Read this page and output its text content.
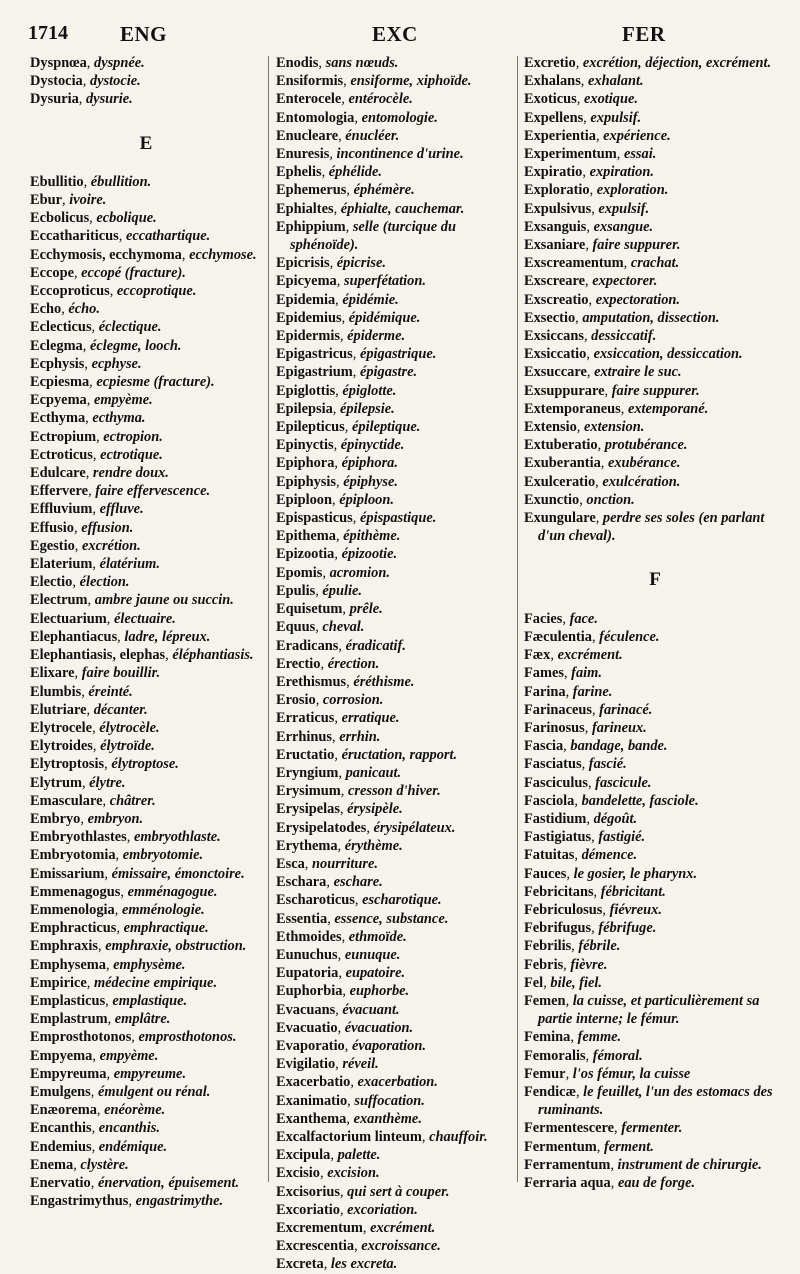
1714 ENG	EXC	FER

Dyspnœa, dyspnée.

Dystocia, dystocie.

Dysuria, dysurie.

E

Ebullitio, ébullition.

Ebur, ivoire.

Ecbolicus, ecbolique.

Eccathariticus, eccathartique.

Ecchymosis, ecchymoma, ecchymose.

Eccope, eccopé (fracture).

Eccoproticus, eccoprotique.

Echo, écho.

Eclecticus, éclectique.

Eclegma, éclegme, looch.

Ecphysis, ecphyse.

Ecpiesma, ecpiesme (fracture).

Ecpyema, empyème.

Ecthyma, ecthyma.

Ectropium, ectropion.

Ectroticus, ectrotique.

Edulcare, rendre doux.

Effervere, faire effervescence.

Effluvium, effluve.

Effusio, effusion.

Egestio, excrétion.

Elaterium, élatérium.

Electio, élection.

Electrum, ambre jaune ou succin.

Electuarium, électuaire.

Elephantiacus, ladre, lépreux.

Elephantiasis, elephas, éléphantiasis.

Elixare, faire bouillir.

Elumbis, éreinté.

Elutriare, décanter.

Elytrocele, élytrocèle.

Elytroides, élytroïde.

Elytroptosis, élytroptose.

Elytrum, élytre.

Emasculare, châtrer.

Embryo, embryon.

Embryothlastes, embryothlaste.

Embryotomia, embryotomie.

Emissarium, émissaire, émonctoire.

Emmenagogus, emménagogue.

Emmenologia, emménologie.

Emphracticus, emphractique.

Emphraxis, emphraxie, obstruction.

Emphysema, emphysème.

Empirice, médecine empirique.

Emplasticus, emplastique.

Emplastrum, emplâtre.

Emprosthotonos, emprosthotonos.

Empyema, empyème.

Empyreuma, empyreume.

Emulgens, émulgent ou rénal.

Enæorema, enéorème.

Encanthis, encanthis.

Endemius, endémique.

Enema, clystère.

Enervatio, énervation, épuisement.

Engastrimythus, engastrimythe.

Enodis, sans nœuds.

Ensiformis, ensiforme, xiphoïde.

Enterocele, entérocèle.

Entomologia, entomologie.

Enucleare, énucléer.

Enuresis, incontinence d'urine.

Ephelis, éphélide.

Ephemerus, éphémère.

Ephialtes, éphialte, cauchemar.

Ephippium, selle (turcique du sphénoïde).

Epicrisis, épicrise.

Epicyema, superfétation.

Epidemia, épidémie.

Epidemius, épidémique.

Epidermis, épiderme.

Epigastricus, épigastrique.

Epigastrium, épigastre.

Epiglottis, épiglotte.

Epilepsia, épilepsie.

Epilepticus, épileptique.

Epinyctis, épinyctide.

Epiphora, épiphora.

Epiphysis, épiphyse.

Epiploon, épiploon.

Epispasticus, épispastique.

Epithema, épithème.

Epizootia, épizootie.

Epomis, acromion.

Epulis, épulie.

Equisetum, prêle.

Equus, cheval.

Eradicans, éradicatif.

Erectio, érection.

Erethismus, éréthisme.

Erosio, corrosion.

Erraticus, erratique.

Errhinus, errhin.

Eructatio, éructation, rapport.

Eryngium, panicaut.

Erysimum, cresson d'hiver.

Erysipelas, érysipèle.

Erysipelatodes, érysipélateux.

Erythema, érythème.

Esca, nourriture.

Eschara, eschare.

Escharoticus, escharotique.

Essentia, essence, substance.

Ethmoides, ethmoïde.

Eunuchus, eunuque.

Eupatoria, eupatoire.

Euphorbia, euphorbe.

Evacuans, évacuant.

Evacuatio, évacuation.

Evaporatio, évaporation.

Evigilatio, réveil.

Exacerbatio, exacerbation.

Exanimatio, suffocation.

Exanthema, exanthème.

Excalfactorium linteum, chauffoir.

Excipula, palette.

Excisio, excision.

Excisorius, qui sert à couper.

Excoriatio, excoriation.

Excrementum, excrément.

Excrescentia, excroissance.

Excreta, les excreta.

Excretio, excrétion, déjection, excrément.

Exhalans, exhalant.

Exoticus, exotique.

Expellens, expulsif.

Experientia, expérience.

Experimentum, essai.

Expiratio, expiration.

Exploratio, exploration.

Expulsivus, expulsif.

Exsanguis, exsangue.

Exsaniare, faire suppurer.

Exscreamentum, crachat.

Exscreare, expectorer.

Exscreatio, expectoration.

Exsectio, amputation, dissection.

Exsiccans, dessiccatif.

Exsiccatio, exsiccation, dessiccation.

Exsuccare, extraire le suc.

Exsuppurare, faire suppurer.

Extemporaneus, extemporané.

Extensio, extension.

Extuberatio, protubérance.

Exuberantia, exubérance.

Exulceratio, exulcération.

Exunctio, onction.

Exungulare, perdre ses soles (en parlant d'un cheval).

F

Facies, face.

Fæculentia, féculence.

Fæx, excrément.

Fames, faim.

Farina, farine.

Farinaceus, farinacé.

Farinosus, farineux.

Fascia, bandage, bande.

Fasciatus, fascié.

Fasciculus, fascicule.

Fasciola, bandelette, fasciole.

Fastidium, dégoût.

Fastigiatus, fastigié.

Fatuitas, démence.

Fauces, le gosier, le pharynx.

Febricitans, fébricitant.

Febriculosus, fiévreux.

Febrifugus, fébrifuge.

Febrilis, fébrile.

Febris, fièvre.

Fel, bile, fiel.

Femen, la cuisse, et particulièrement sa partie interne; le fémur.

Femina, femme.

Femoralis, fémoral.

Femur, l'os fémur, la cuisse

Fendicæ, le feuillet, l'un des estomacs des ruminants.

Fermentescere, fermenter.

Fermentum, ferment.

Ferramentum, instrument de chirurgie.

Ferraria aqua, eau de forge.
